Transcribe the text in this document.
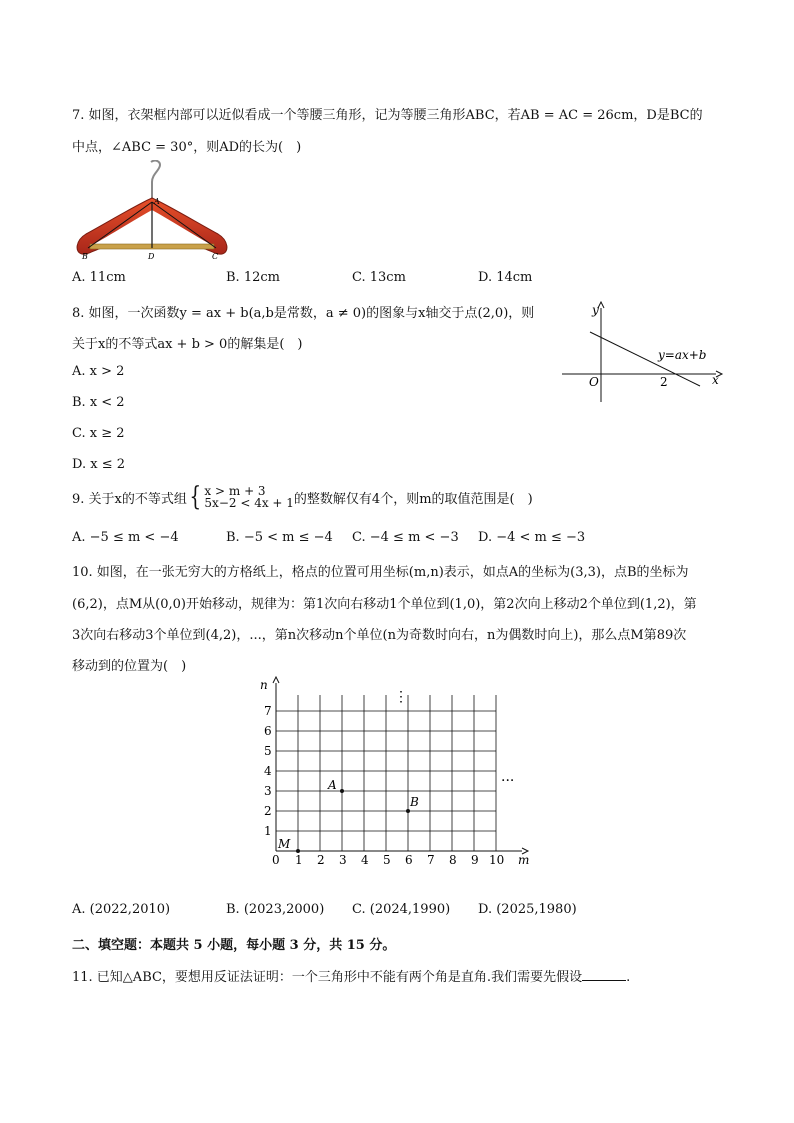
7. 如图，衣架框内部可以近似看成一个等腰三角形，记为等腰三角形ABC，若AB = AC = 26cm，D是BC的
中点，∠ABC = 30°，则AD的长为(　)
A
B	D	C
A. 11cm	B. 12cm	C. 13cm	D. 14cm
8. 如图，一次函数y = ax + b(a,b是常数，a ≠ 0)的图象与x轴交于点(2,0)，则
关于x的不等式ax + b > 0的解集是(　)
A. x > 2
B. x < 2
C. x ≥ 2
D. x ≤ 2
y
x
O	2
y=ax+b
9. 关于x的不等式组 { x > m + 3
5x−2 < 4x + 1 的整数解仅有4个，则m的取值范围是(　)
A. −5 ≤ m < −4	B. −5 < m ≤ −4 C. −4 ≤ m < −3 D. −4 < m ≤ −3
10. 如图，在一张无穷大的方格纸上，格点的位置可用坐标(m,n)表示，如点A的坐标为(3,3)，点B的坐标为
(6,2)，点M从(0,0)开始移动，规律为：第1次向右移动1个单位到(1,0)，第2次向上移动2个单位到(1,2)，第
3次向右移动3个单位到(4,2)，...，第n次移动n个单位(n为奇数时向右，n为偶数时向上)，那么点M第89次
移动到的位置为(　)
n
m
0 1 2 3 4 5 6 7 8 9 10
1
2
3
4
5
6
7
A
B
M
⋮
···
A. (2022,2010)	B. (2023,2000) C. (2024,1990) D. (2025,1980)
二、填空题：本题共 5 小题，每小题 3 分，共 15 分。
11. 已知△ABC，要想用反证法证明：一个三角形中不能有两个角是直角.我们需要先假设	.
